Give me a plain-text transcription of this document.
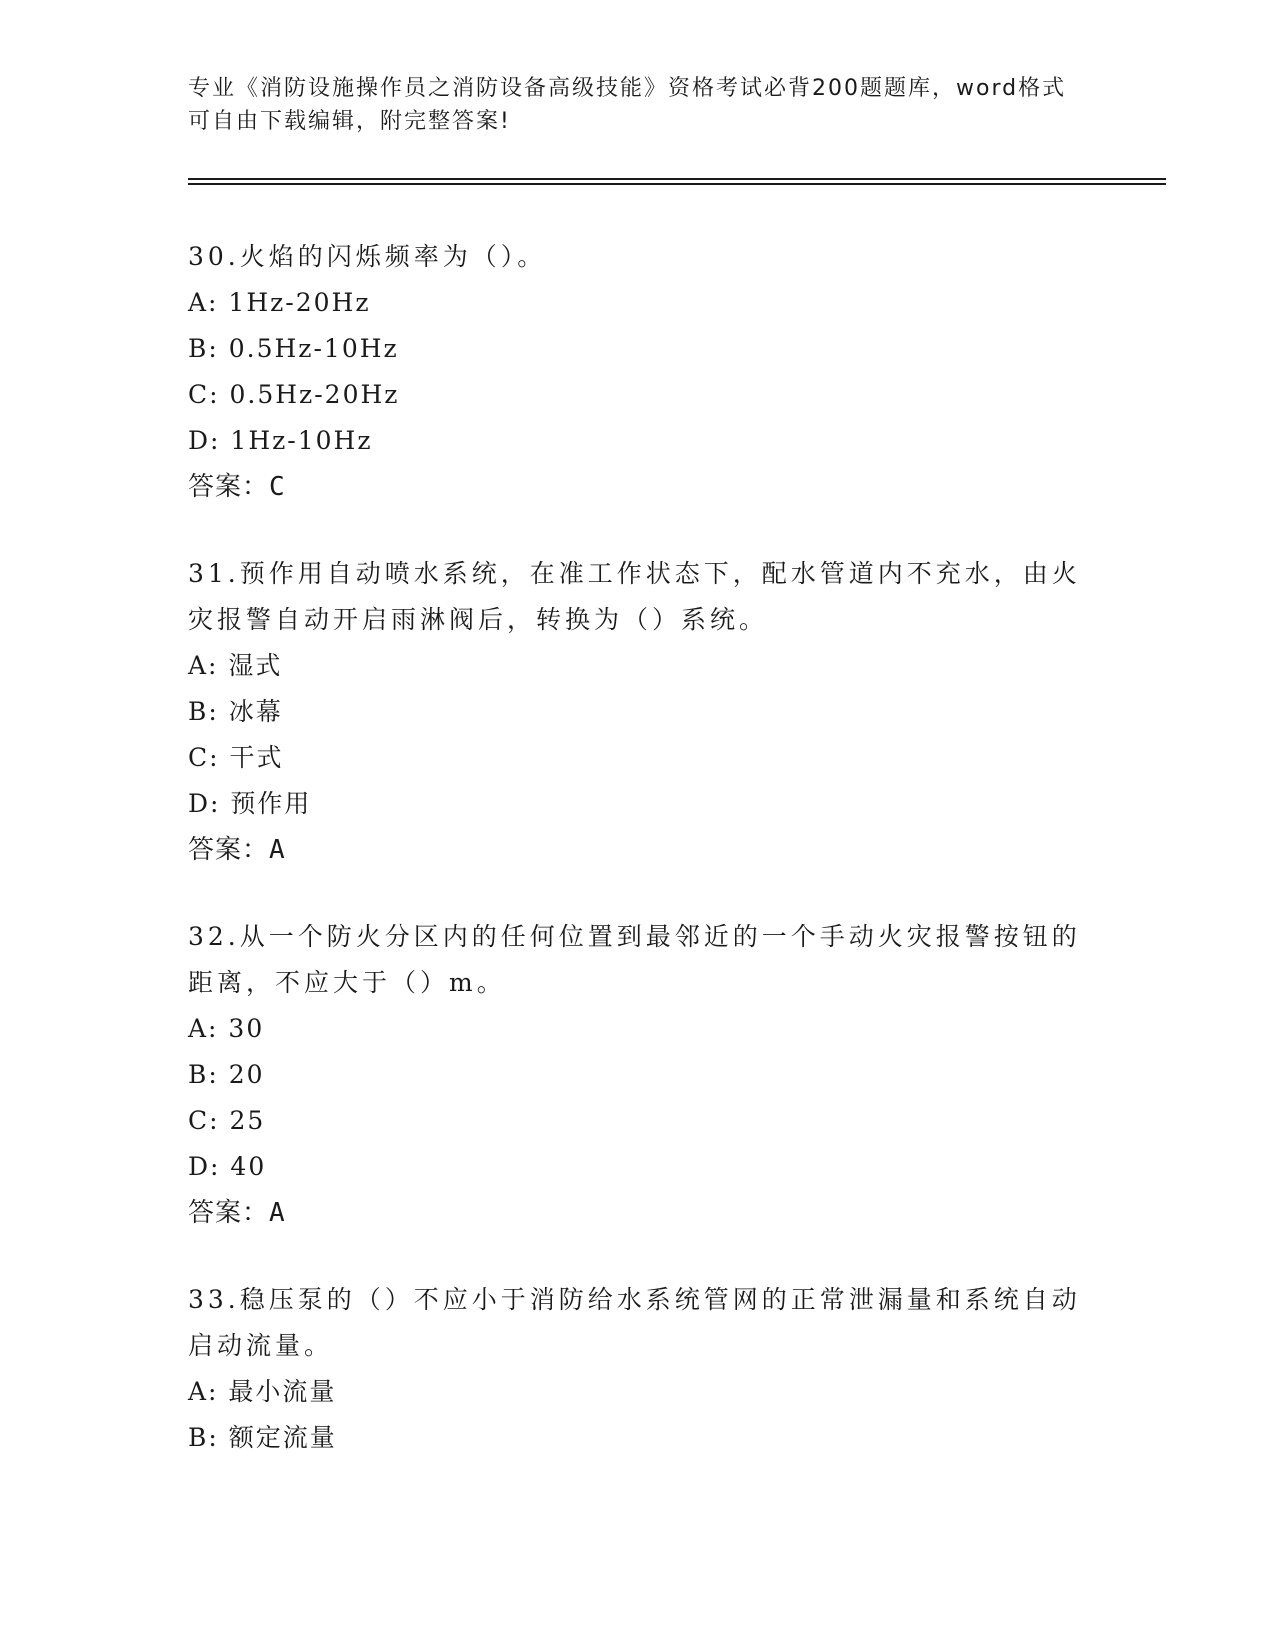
专业《消防设施操作员之消防设备高级技能》资格考试必背200题题库，word格式可自由下载编辑，附完整答案!

30.火焰的闪烁频率为（）。

A: 1Hz-20Hz

B: 0.5Hz-10Hz

C: 0.5Hz-20Hz

D: 1Hz-10Hz

答案：C

31.预作用自动喷水系统，在准工作状态下，配水管道内不充水，由火灾报警自动开启雨淋阀后，转换为（）系统。

A: 湿式

B: 冰幕

C: 干式

D: 预作用

答案：A

32.从一个防火分区内的任何位置到最邻近的一个手动火灾报警按钮的距离，不应大于（）m。

A: 30

B: 20

C: 25

D: 40

答案：A

33.稳压泵的（）不应小于消防给水系统管网的正常泄漏量和系统自动启动流量。

A: 最小流量

B: 额定流量
